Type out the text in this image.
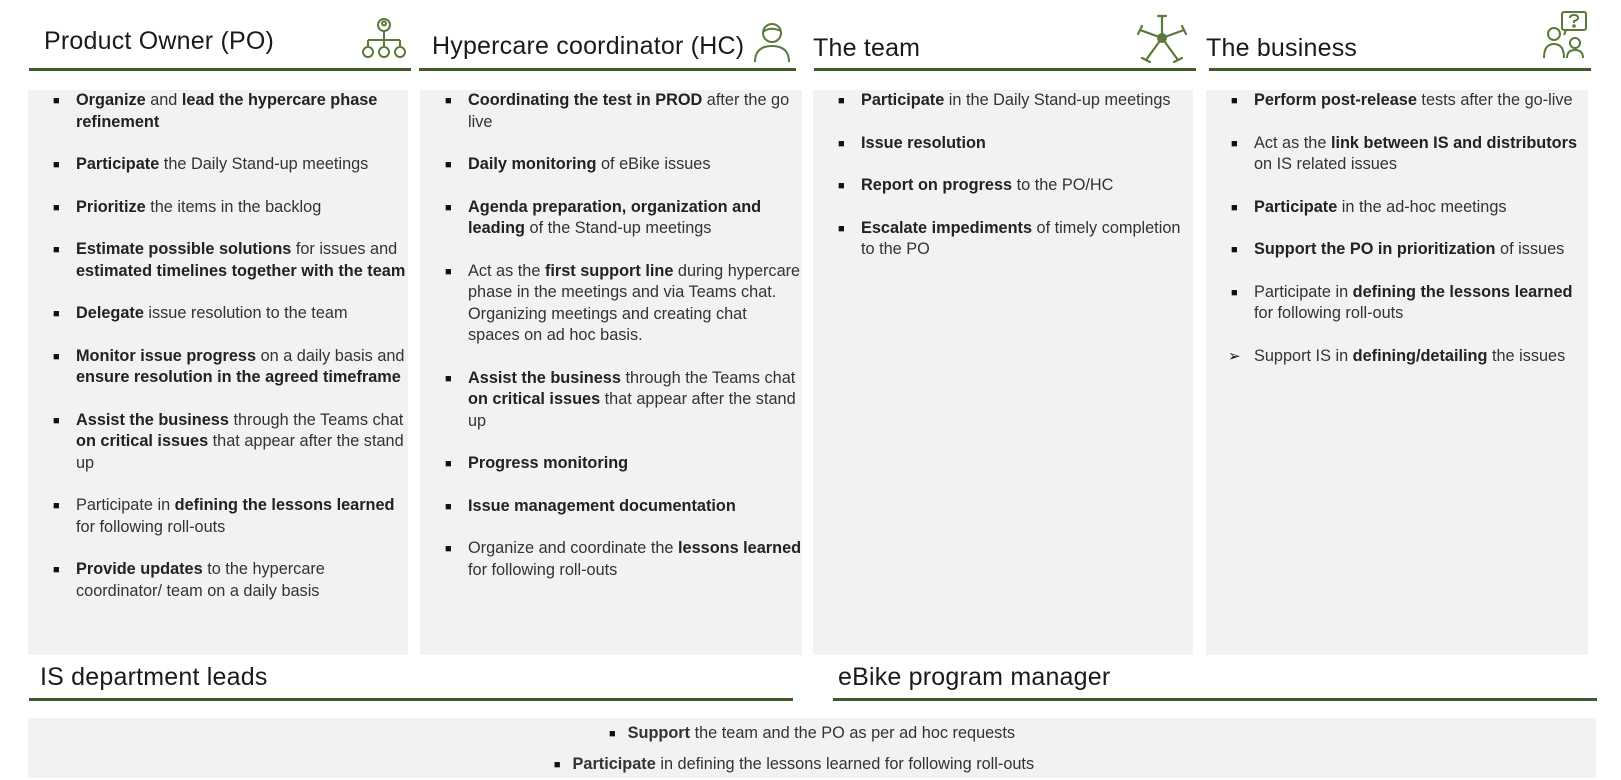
Product Owner (PO)
■ Organize and lead the hypercare phase refinement
■ Participate the Daily Stand-up meetings
■ Prioritize the items in the backlog
■ Estimate possible solutions for issues and estimated timelines together with the team
■ Delegate issue resolution to the team
■ Monitor issue progress on a daily basis and ensure resolution in the agreed timeframe
■ Assist the business through the Teams chat on critical issues that appear after the stand up
■ Participate in defining the lessons learned for following roll-outs
■ Provide updates to the hypercare coordinator/ team on a daily basis
Hypercare coordinator (HC)
■ Coordinating the test in PROD after the go live
■ Daily monitoring of eBike issues
■ Agenda preparation, organization and leading of the Stand-up meetings
■ Act as the first support line during hypercare phase in the meetings and via Teams chat. Organizing meetings and creating chat spaces on ad hoc basis.
■ Assist the business through the Teams chat on critical issues that appear after the stand up
■ Progress monitoring
■ Issue management documentation
■ Organize and coordinate the lessons learned for following roll-outs
The team
■ Participate in the Daily Stand-up meetings
■ Issue resolution
■ Report on progress to the PO/HC
■ Escalate impediments of timely completion to the PO
The business
■ Perform post-release tests after the go-live
■ Act as the link between IS and distributors on IS related issues
■ Participate in the ad-hoc meetings
■ Support the PO in prioritization of issues
■ Participate in defining the lessons learned for following roll-outs
➢ Support IS in defining/detailing the issues
IS department leads	eBike program manager
■ Support the team and the PO as per ad hoc requests
■ Participate in defining the lessons learned for following roll-outs
